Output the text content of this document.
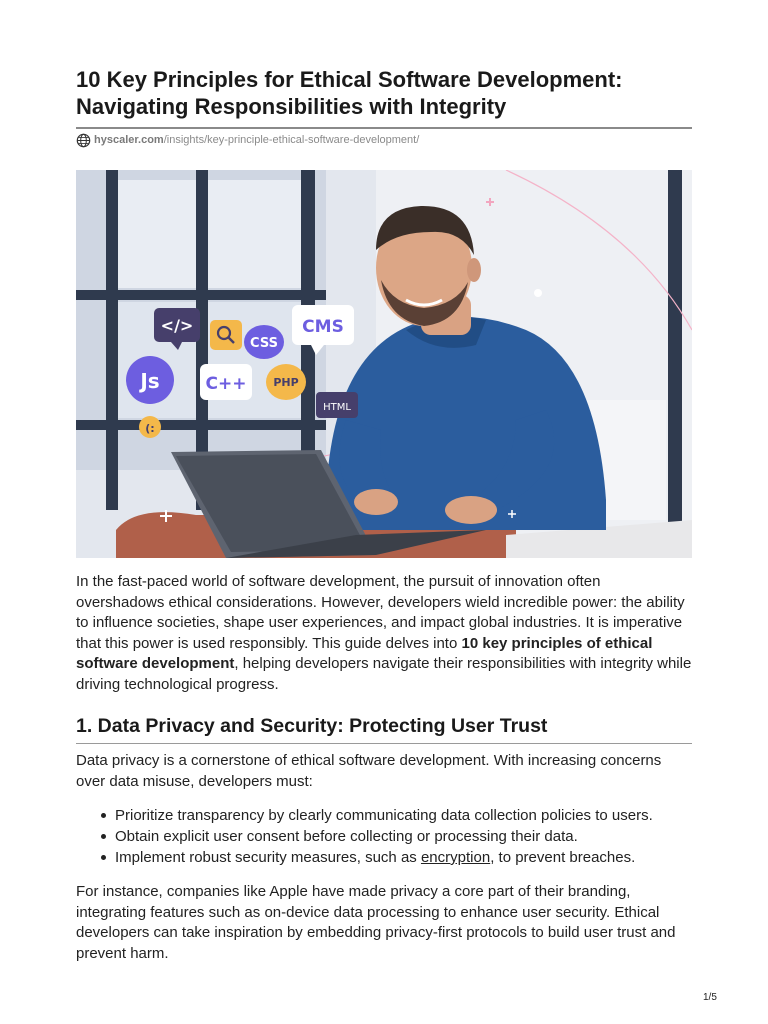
10 Key Principles for Ethical Software Development:
Navigating Responsibilities with Integrity
hyscaler.com/insights/key-principle-ethical-software-development/
</>
CSS
CMS
Js	C++ PHP
HTML
(:
In the fast-paced world of software development, the pursuit of innovation often overshadows ethical considerations. However, developers wield incredible power: the ability to influence societies, shape user experiences, and impact global industries. It is imperative that this power is used responsibly. This guide delves into 10 key principles of ethical software development, helping developers navigate their responsibilities with integrity while driving technological progress.
1. Data Privacy and Security: Protecting User Trust
Data privacy is a cornerstone of ethical software development. With increasing concerns over data misuse, developers must:
Prioritize transparency by clearly communicating data collection policies to users.
Obtain explicit user consent before collecting or processing their data.
Implement robust security measures, such as encryption, to prevent breaches.
For instance, companies like Apple have made privacy a core part of their branding, integrating features such as on-device data processing to enhance user security. Ethical developers can take inspiration by embedding privacy-first protocols to build user trust and prevent harm.
1/5
